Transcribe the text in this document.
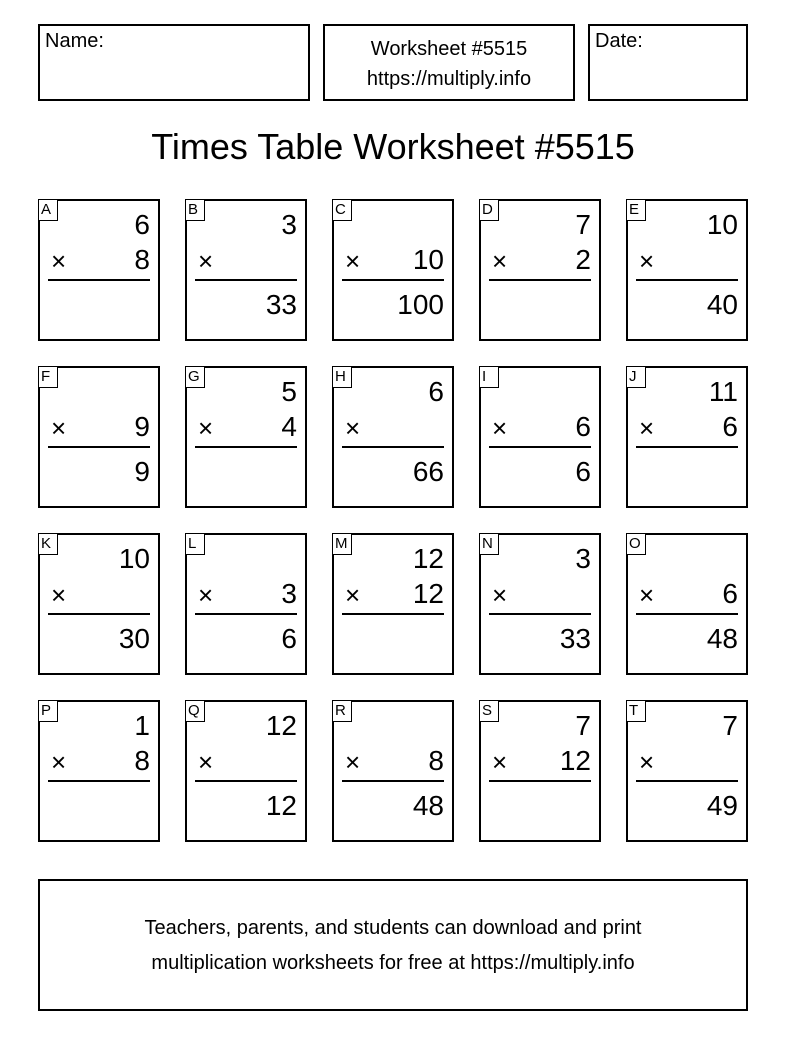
Name:	Worksheet #5515
https://multiply.info
Date:
Times Table Worksheet #5515
A	6
× 8
B	3
×
33
C
× 10
100
D	7
× 2
E 10
×
40
F
× 9
9
G	5
× 4
H	6
×
66
I
× 6
6
J	11
× 6
K 10
×
30
L
× 3
6
M 12
× 12
N	3
×
33
O
× 6
48
P	1
× 8
Q 12
×
12
R
× 8
48
S	7
× 12
T	7
×
49
Teachers, parents, and students can download and print
multiplication worksheets for free at https://multiply.info
